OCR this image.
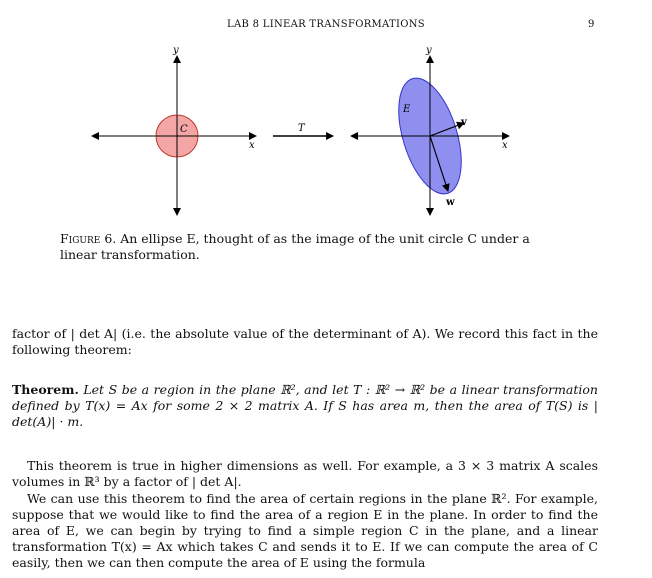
LAB 8 LINEAR TRANSFORMATIONS	9
C
x
y
T
E
v
w
x
y
Figure 6. An ellipse E, thought of as the image of the unit circle C under a linear transformation.
factor of | det A| (i.e. the absolute value of the determinant of A). We record this fact in the following theorem:
Theorem. Let S be a region in the plane ℝ², and let T : ℝ² → ℝ² be a linear transformation defined by T(x) = Ax for some 2 × 2 matrix A. If S has area m, then the area of T(S) is | det(A)| · m.
This theorem is true in higher dimensions as well. For example, a 3 × 3 matrix A scales volumes in ℝ³ by a factor of | det A|.
We can use this theorem to find the area of certain regions in the plane ℝ². For example, suppose that we would like to find the area of a region E in the plane. In order to find the area of E, we can begin by trying to find a simple region C in the plane, and a linear transformation T(x) = Ax which takes C and sends it to E. If we can compute the area of C easily, then we can then compute the area of E using the formula
